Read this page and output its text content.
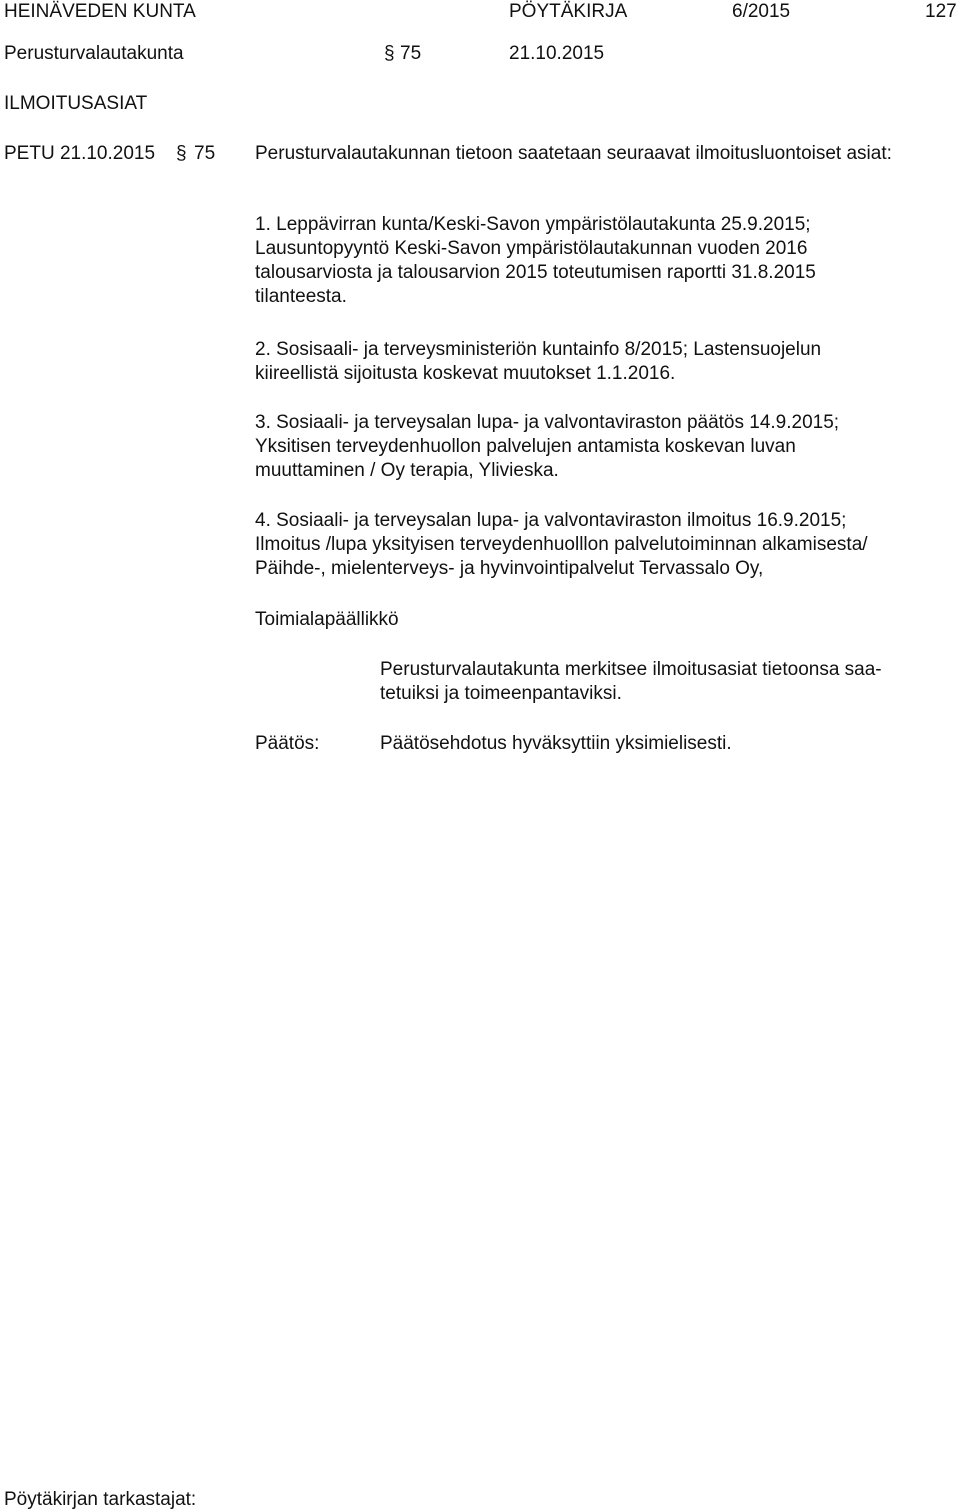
HEINÄVEDEN KUNTA	PÖYTÄKIRJA	6/2015	127
Perusturvalautakunta	§ 75	21.10.2015
ILMOITUSASIAT
PETU 21.10.2015 § 75 Perusturvalautakunnan tietoon saatetaan seuraavat ilmoitusluontoiset asiat:
1. Leppävirran kunta/Keski-Savon ympäristölautakunta 25.9.2015;
Lausuntopyyntö Keski-Savon ympäristölautakunnan vuoden 2016
talousarviosta ja talousarvion 2015 toteutumisen raportti 31.8.2015
tilanteesta.
2. Sosisaali- ja terveysministeriön kuntainfo 8/2015; Lastensuojelun
kiireellistä sijoitusta koskevat muutokset 1.1.2016.
3. Sosiaali- ja terveysalan lupa- ja valvontaviraston päätös 14.9.2015;
Yksitisen terveydenhuollon palvelujen antamista koskevan luvan
muuttaminen / Oy terapia, Ylivieska.
4. Sosiaali- ja terveysalan lupa- ja valvontaviraston ilmoitus 16.9.2015;
Ilmoitus /lupa yksityisen terveydenhuolllon palvelutoiminnan alkamisesta/
Päihde-, mielenterveys- ja hyvinvointipalvelut Tervassalo Oy,
Toimialapäällikkö
Perusturvalautakunta merkitsee ilmoitusasiat tietoonsa saa-
tetuiksi ja toimeenpantaviksi.
Päätös:	Päätösehdotus hyväksyttiin yksimielisesti.
Pöytäkirjan tarkastajat:
